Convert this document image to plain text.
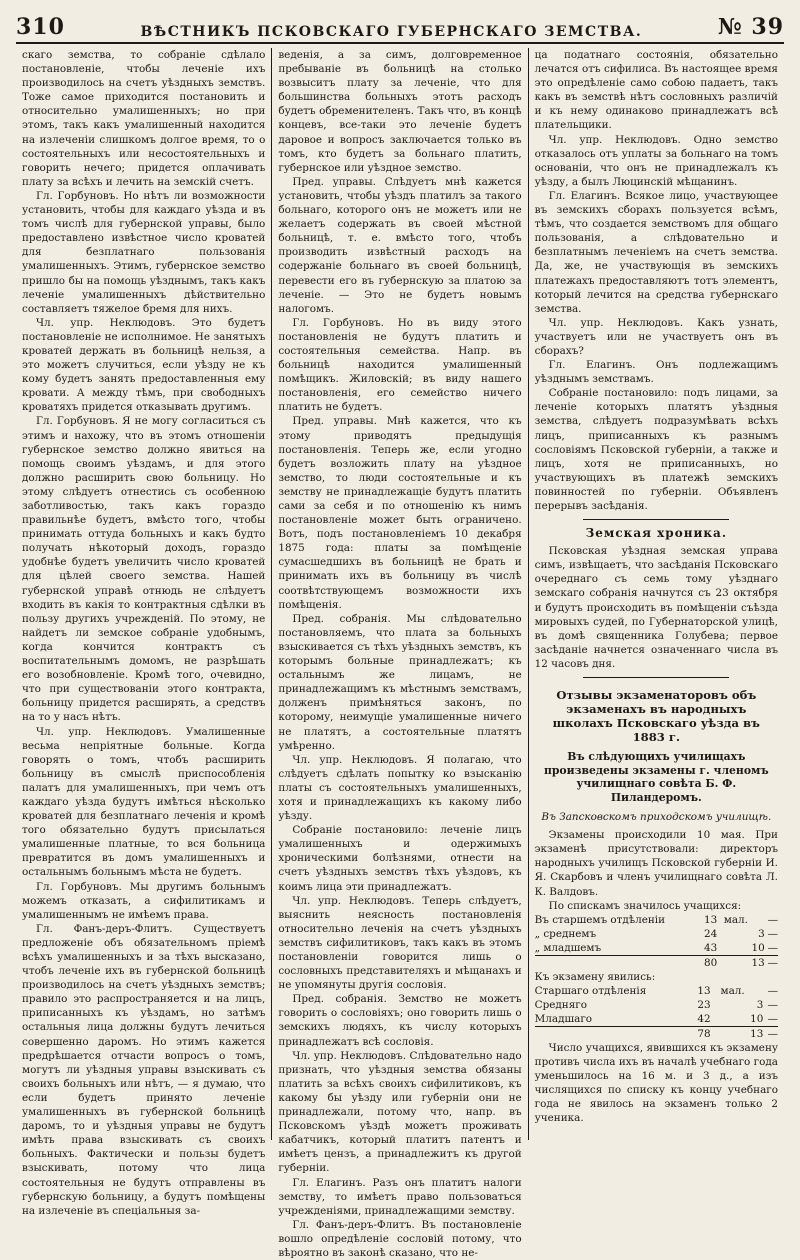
310	ВѢСТНИКЪ ПСКОВСКАГО ГУБЕРНСКАГО ЗЕМСТВА.	№ 39

скаго земства, то собраніе сдѣлало постановленіе, чтобы леченіе ихъ производилось на счетъ уѣздныхъ земствъ. Тоже самое приходится постановить и относительно умалишенныхъ; но при этомъ, такъ какъ умалишенный находится на излеченіи слишкомъ долгое время, то о состоятельныхъ или несостоятельныхъ и говорить нечего; придется оплачивать плату за всѣхъ и лечить на земскій счетъ.

Гл. Горбуновъ. Но нѣтъ ли возможности установить, чтобы для каждаго уѣзда и въ томъ числѣ для губернской управы, было предоставлено извѣстное число кроватей для безплатнаго пользованія умалишенныхъ. Этимъ, губернское земство пришло бы на помощь уѣзднымъ, такъ какъ леченіе умалишенныхъ дѣйствительно составляетъ тяжелое бремя для нихъ.

Чл. упр. Неклюдовъ. Это будетъ постановленіе не исполнимое. Не занятыхъ кроватей держать въ больницѣ нельзя, а это можетъ случиться, если уѣзду не къ кому будетъ занять предоставленныя ему кровати. А между тѣмъ, при свободныхъ кроватяхъ придется отказывать другимъ.

Гл. Горбуновъ. Я не могу согласиться съ этимъ и нахожу, что въ этомъ отношеніи губернское земство должно явиться на помощь своимъ уѣздамъ, и для этого должно расширить свою больницу. Но этому слѣдуетъ отнестись съ особенною заботливостью, такъ какъ гораздо правильнѣе будетъ, вмѣсто того, чтобы принимать оттуда больныхъ и какъ будто получать нѣкоторый доходъ, гораздо удобнѣе будетъ увеличить число кроватей для цѣлей своего земства. Нашей губернской управѣ отнюдь не слѣдуетъ входить въ какія то контрактныя сдѣлки въ пользу другихъ учрежденій. По этому, не найдетъ ли земское собраніе удобнымъ, когда кончится контрактъ съ воспитательнымъ домомъ, не разрѣшать его возобновленіе. Кромѣ того, очевидно, что при существованіи этого контракта, больницу придется расширять, а средствъ на то у насъ нѣтъ.

Чл. упр. Неклюдовъ. Умалишенные весьма непріятные больные. Когда говорять о томъ, чтобъ расширить больницу въ смыслѣ приспособленія палатъ для умалишенныхъ, при чемъ отъ каждаго уѣзда будутъ имѣться нѣсколько кроватей для безплатнаго леченія и кромѣ того обязательно будутъ присылаться умалишенные платные, то вся больница превратится въ домъ умалишенныхъ и остальнымъ больнымъ мѣста не будетъ.

Гл. Горбуновъ. Мы другимъ больнымъ можемъ отказать, а сифилитикамъ и умалишеннымъ не имѣемъ права.

Гл. Фанъ-деръ-Флитъ. Существуетъ предложеніе объ обязательномъ пріемѣ всѣхъ умалишенныхъ и за тѣхъ высказано, чтобъ леченіе ихъ въ губернской больницѣ производилось на счетъ уѣздныхъ земствъ; правило это распространяется и на лицъ, приписанныхъ къ уѣздамъ, но затѣмъ остальныя лица должны будутъ лечиться совершенно даромъ. Но этимъ кажется предрѣшается отчасти вопросъ о томъ, могутъ ли уѣздныя управы взыскивать съ своихъ больныхъ или нѣтъ, — я думаю, что если будетъ принято леченіе умалишенныхъ въ губернской больницѣ даромъ, то и уѣздныя управы не будутъ имѣть права взыскивать съ своихъ больныхъ. Фактически и пользы будетъ взыскивать, потому что лица состоятельныя не будутъ отправлены въ губернскую больницу, а будутъ помѣщены на излеченіе въ спеціальныя за-

веденія, а за симъ, долговременное пребываніе въ больницѣ на столько возвыситъ плату за леченіе, что для большинства больныхъ этотъ расходъ будетъ обременителенъ. Такъ что, въ концѣ концевъ, все-таки это леченіе будетъ даровое и вопросъ заключается только въ томъ, кто будетъ за больнаго платить, губернское или уѣздное земство.

Пред. управы. Слѣдуетъ мнѣ кажется установить, чтобы уѣздъ платилъ за такого больнаго, которого онъ не можетъ или не желаетъ содержать въ своей мѣстной больницѣ, т. е. вмѣсто того, чтобъ производить извѣстный расходъ на содержаніе больнаго въ своей больницѣ, перевести его въ губернскую за платою за леченіе. — Это не будетъ новымъ налогомъ.

Гл. Горбуновъ. Но въ виду этого постановленія не будутъ платить и состоятельныя семейства. Напр. въ больницѣ находится умалишенный помѣщикъ. Жиловскій; въ виду нашего постановленія, его семейство ничего платить не будетъ.

Пред. управы. Мнѣ кажется, что къ этому приводятъ предыдущія постановленія. Теперь же, если угодно будетъ возложить плату на уѣздное земство, то люди состоятельные и къ земству не принадлежащіе будутъ платить сами за себя и по отношенію къ нимъ постановленіе может быть ограничено. Вотъ, подъ постановленіемъ 10 декабря 1875 года: платы за помѣщеніе сумасшедшихъ въ больницѣ не брать и принимать ихъ въ больницу въ числѣ соотвѣтствующемъ возможности ихъ помѣщенія.

Пред. собранія. Мы слѣдовательно постановляемъ, что плата за больныхъ взыскивается съ тѣхъ уѣздныхъ земствъ, къ которымъ больные принадлежатъ; къ остальнымъ же лицамъ, не принадлежащимъ къ мѣстнымъ земствамъ, долженъ примѣняться законъ, по которому, неимущіе умалишенные ничего не платятъ, а состоятельные платятъ умѣренно.

Чл. упр. Неклюдовъ. Я полагаю, что слѣдуетъ сдѣлать попытку ко взысканію платы съ состоятельныхъ умалишенныхъ, хотя и принадлежащихъ къ какому либо уѣзду.

Собраніе постановило: леченіе лицъ умалишенныхъ и одержимыхъ хроническими болѣзнями, отнести на счетъ уѣздныхъ земствъ тѣхъ уѣздовъ, къ коимъ лица эти принадлежатъ.

Чл. упр. Неклюдовъ. Теперь слѣдуетъ, выяснить неясность постановленія относительно леченія на счетъ уѣздныхъ земствъ сифилитиковъ, такъ какъ въ этомъ постановленіи говорится лишь о сословныхъ представителяхъ и мѣщанахъ и не упомянуты другія сословія.

Пред. собранія. Земство не можетъ говорить о сословіяхъ; оно говорить лишь о земскихъ людяхъ, къ числу которыхъ принадлежатъ всѣ сословія.

Чл. упр. Неклюдовъ. Слѣдовательно надо признать, что уѣздныя земства обязаны платить за всѣхъ своихъ сифилитиковъ, къ какому бы уѣзду или губерніи они не принадлежали, потому что, напр. въ Псковскомъ уѣздѣ можетъ проживать кабатчикъ, который платитъ патентъ и имѣетъ цензъ, а принадлежитъ къ другой губерніи.

Гл. Елагинъ. Разъ онъ платитъ налоги земству, то имѣетъ право пользоваться учрежденіями, принадлежащими земству.

Гл. Фанъ-деръ-Флитъ. Въ постановленіе вошло опредѣленіе сословій потому, что вѣроятно въ законѣ сказано, что не-

ца податнаго состоянія, обязательно лечатся отъ сифилиса. Въ настоящее время это опредѣленіе само собою падаетъ, такъ какъ въ земствѣ нѣтъ сословныхъ различій и къ нему одинаково принадлежатъ всѣ плательщики.

Чл. упр. Неклюдовъ. Одно земство отказалось отъ уплаты за больнаго на томъ основаніи, что онъ не принадлежалъ къ уѣзду, а былъ Люцинскій мѣщанинъ.

Гл. Елагинъ. Всякое лицо, участвующее въ земскихъ сборахъ пользуется всѣмъ, тѣмъ, что создается земствомъ для общаго пользованія, а слѣдовательно и безплатнымъ леченіемъ на счетъ земства. Да, же, не участвующія въ земскихъ платежахъ предоставляютъ тотъ элементъ, который лечится на средства губернскаго земства.

Чл. упр. Неклюдовъ. Какъ узнать, участвуетъ или не участвуетъ онъ въ сборахъ?

Гл. Елагинъ. Онъ подлежащимъ уѣзднымъ земствамъ.

Собраніе постановило: подъ лицами, за леченіе которыхъ платятъ уѣздныя земства, слѣдуетъ подразумѣвать всѣхъ лицъ, приписанныхъ къ разнымъ сословіямъ Псковской губерніи, а также и лицъ, хотя не приписанныхъ, но участвующихъ въ платежѣ земскихъ повинностей по губерніи. Объявленъ перерывъ засѣданія.

Земская хроника.

Псковская уѣздная земская управа симъ, извѣщаетъ, что засѣданія Псковскаго очереднаго съ семь тому уѣзднаго земскаго собранія начнутся съ 23 октября и будутъ происходить въ помѣщеніи съѣзда мировыхъ судей, по Губернаторской улицѣ, въ домѣ священника Голубева; первое засѣданіе начнется означеннаго числа въ 12 часовъ дня.

Отзывы экзаменаторовъ объ экзаменахъ въ народныхъ школахъ Псковскаго уѣзда въ 1883 г.
Въ слѣдующихъ училищахъ произведены экзамены г. членомъ училищнаго совѣта Б. Ф. Пиландеромъ.
Въ Запсковскомъ приходскомъ училищѣ.

Экзамены происходили 10 мая. При экзаменѣ присутствовали: директоръ народныхъ училищъ Псковской губерніи И. Я. Скарбовъ и членъ училищнаго совѣта Л. К. Валдовъ.

По спискамъ значилось учащихся:

Въ старшемъ отдѣленіи	13	мал.		—
„ среднемъ	24		3	—
„ младшемъ	43		10	—
	80		13	—

Къ экзамену явились:

Старшаго отдѣленія	13	мал.		—
Средняго	23		3	—
Младшаго	42		10	—
	78		13	—

Число учащихся, явившихся къ экзамену противъ числа ихъ въ началѣ учебнаго года уменьшилось на 16 м. и 3 д., а изъ числящихся по списку къ концу учебнаго года не явилось на экзаменъ только 2 ученика.
